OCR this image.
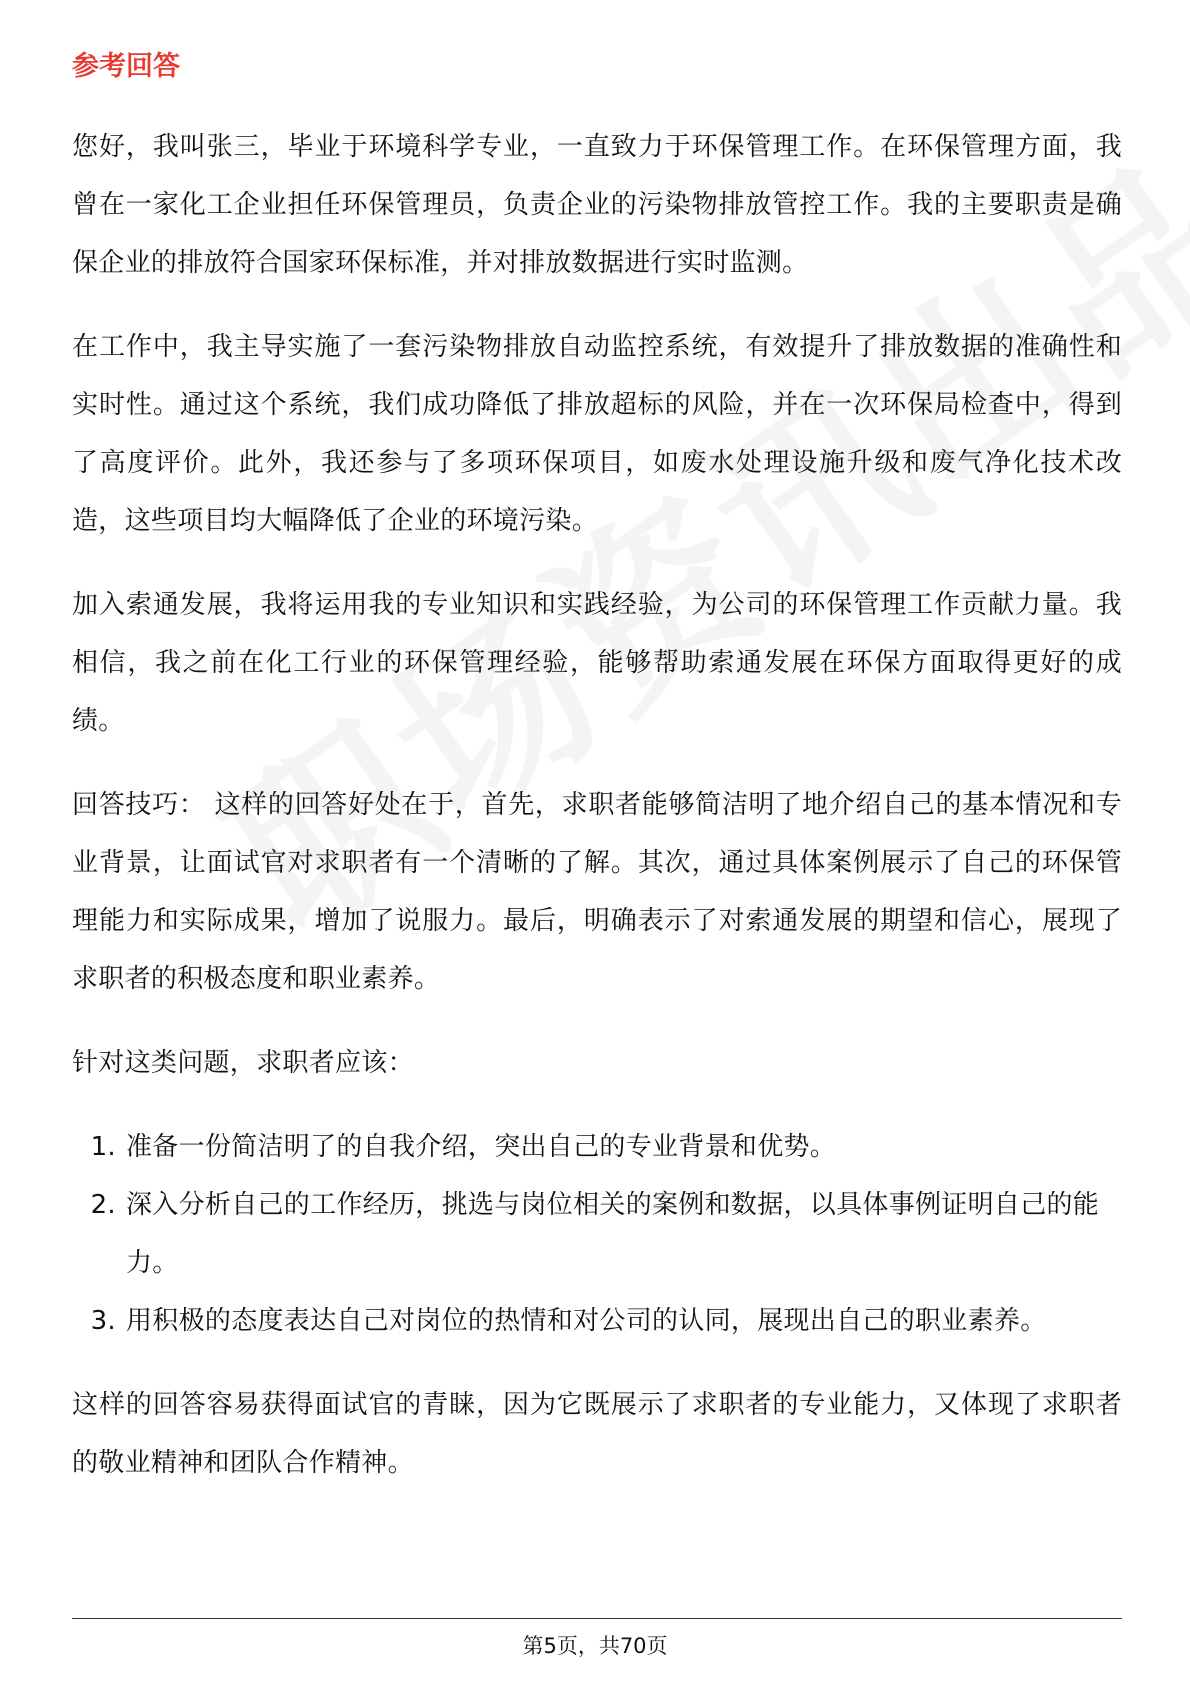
参考回答

您好，我叫张三，毕业于环境科学专业，一直致力于环保管理工作。在环保管理方面，我曾在一家化工企业担任环保管理员，负责企业的污染物排放管控工作。我的主要职责是确保企业的排放符合国家环保标准，并对排放数据进行实时监测。

在工作中，我主导实施了一套污染物排放自动监控系统，有效提升了排放数据的准确性和实时性。通过这个系统，我们成功降低了排放超标的风险，并在一次环保局检查中，得到了高度评价。此外，我还参与了多项环保项目，如废水处理设施升级和废气净化技术改造，这些项目均大幅降低了企业的环境污染。

加入索通发展，我将运用我的专业知识和实践经验，为公司的环保管理工作贡献力量。我相信，我之前在化工行业的环保管理经验，能够帮助索通发展在环保方面取得更好的成绩。

回答技巧： 这样的回答好处在于，首先，求职者能够简洁明了地介绍自己的基本情况和专业背景，让面试官对求职者有一个清晰的了解。其次，通过具体案例展示了自己的环保管理能力和实际成果，增加了说服力。最后，明确表示了对索通发展的期望和信心，展现了求职者的积极态度和职业素养。

针对这类问题，求职者应该：

1. 准备一份简洁明了的自我介绍，突出自己的专业背景和优势。
2. 深入分析自己的工作经历，挑选与岗位相关的案例和数据，以具体事例证明自己的能力。
3. 用积极的态度表达自己对岗位的热情和对公司的认同，展现出自己的职业素养。

这样的回答容易获得面试官的青睐，因为它既展示了求职者的专业能力，又体现了求职者的敬业精神和团队合作精神。

第5页，共70页
